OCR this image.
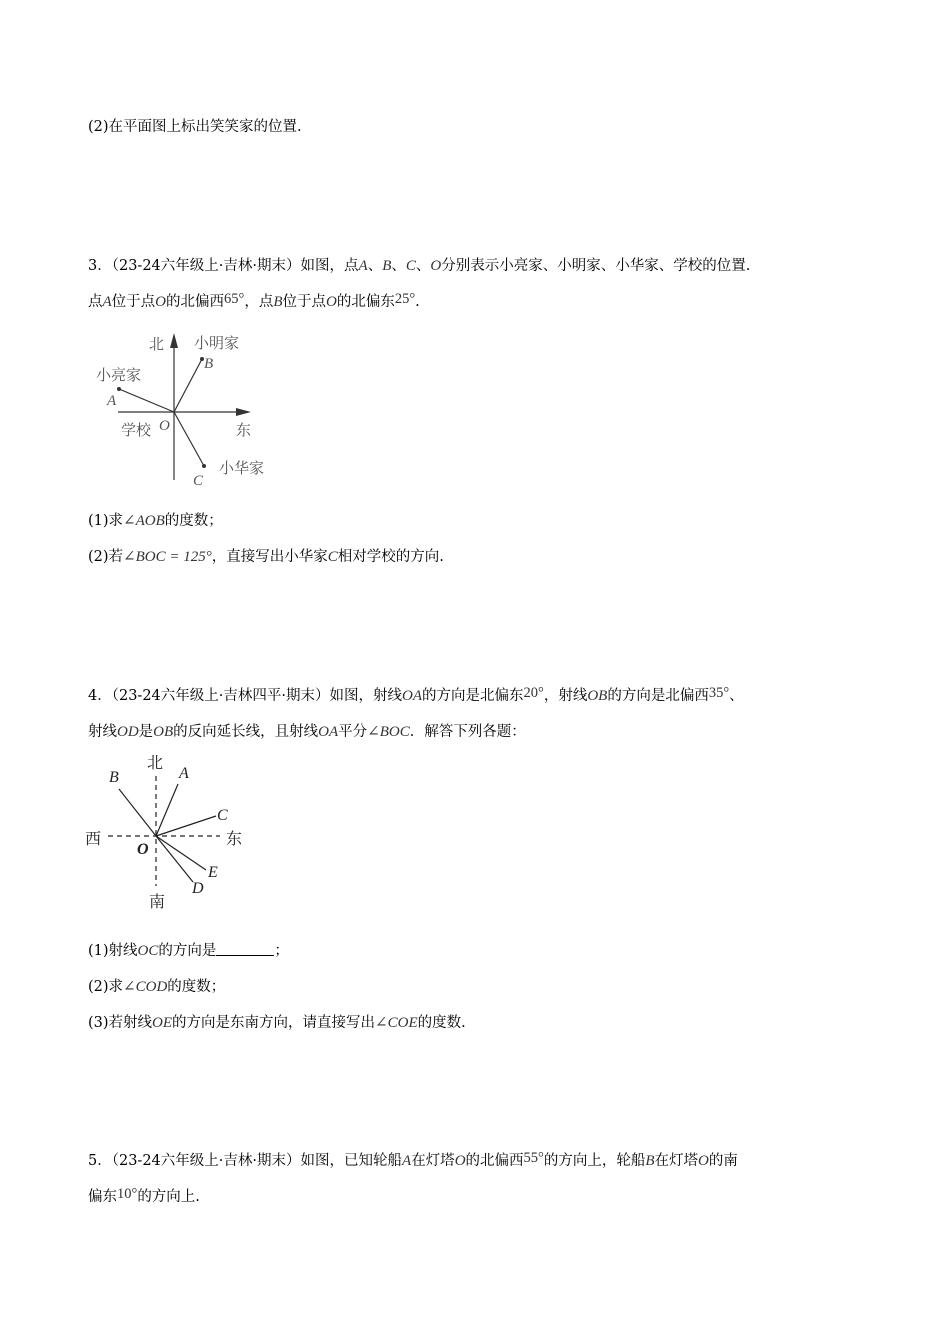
(2)在平面图上标出笑笑家的位置.
3．（23-24六年级上·吉林·期末）如图，点A、B、C、O分别表示小亮家、小明家、小华家、学校的位置.
点A位于点O的北偏西65°，点B位于点O的北偏东25°.
北 小明家
B
小亮家
A
学校 O	东
小华家
C
(1)求∠AOB的度数；
(2)若∠BOC = 125°，直接写出小华家C相对学校的方向.
4．（23-24六年级上·吉林四平·期末）如图，射线OA的方向是北偏东20°，射线OB的方向是北偏西35°、
射线OD是OB的反向延长线，且射线OA平分∠BOC．解答下列各题：
北
南
西	东
A
B
C
O
E
D
(1)射线OC的方向是	；
(2)求∠COD的度数；
(3)若射线OE的方向是东南方向，请直接写出∠COE的度数.
5．（23-24六年级上·吉林·期末）如图，已知轮船A在灯塔O的北偏西55°的方向上，轮船B在灯塔O的南
偏东10°的方向上.
